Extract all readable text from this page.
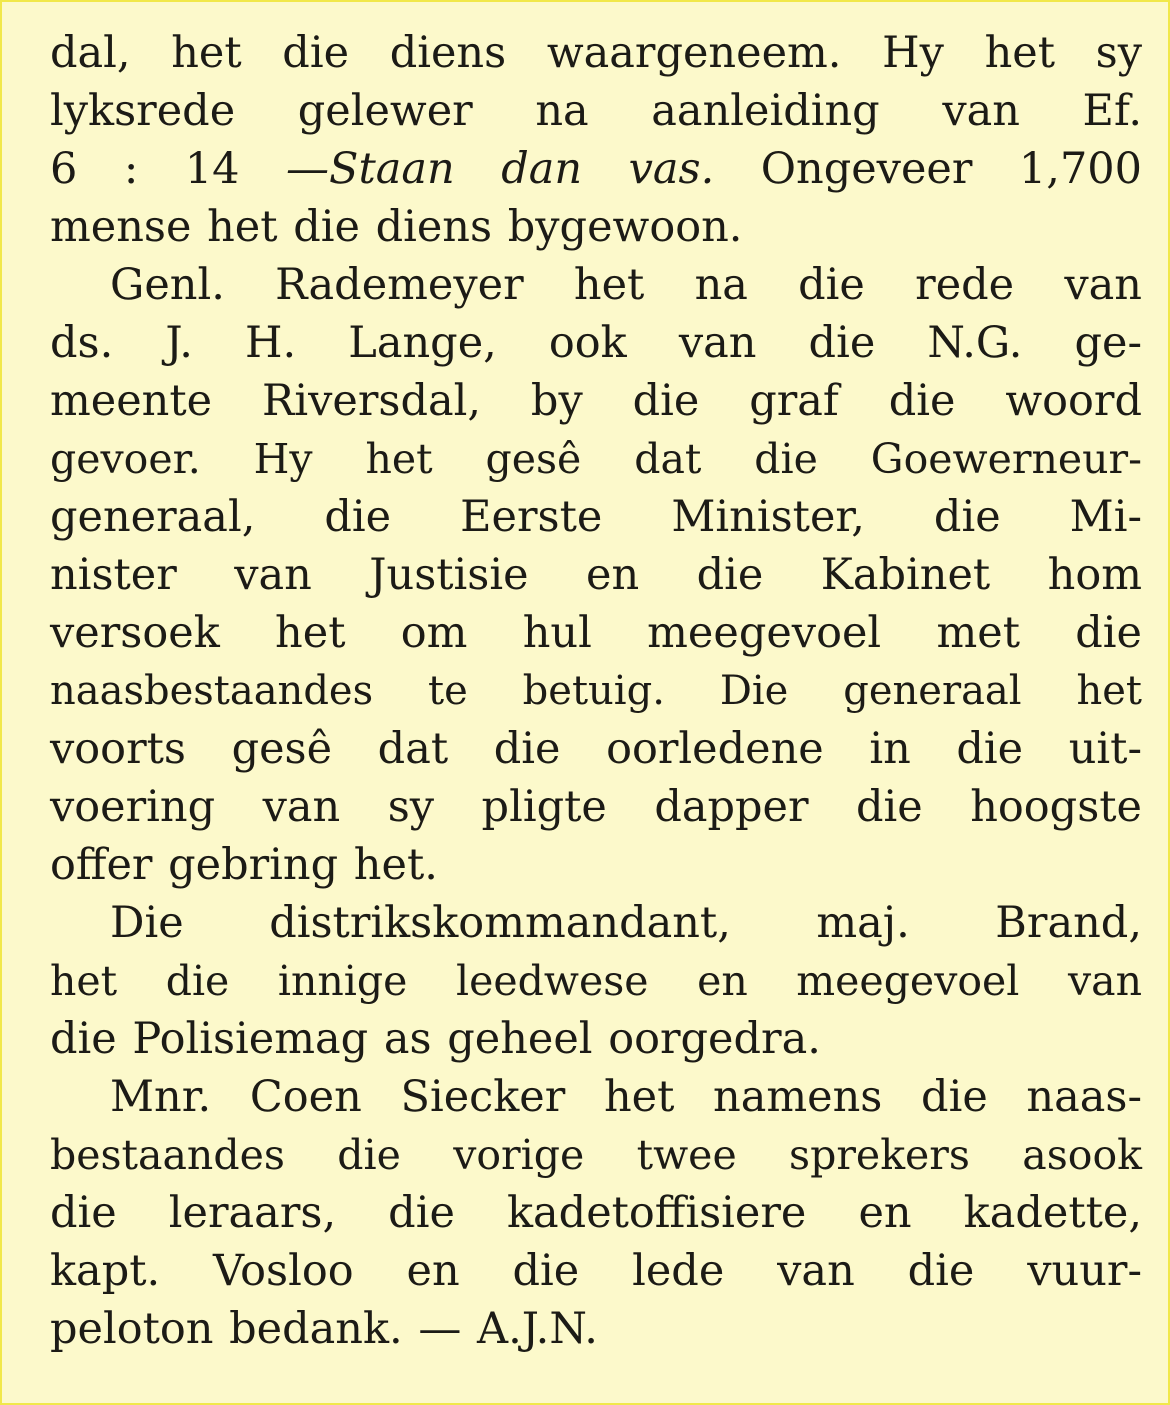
dal, het die diens waargeneem. Hy het sy
lyksrede gelewer na aanleiding van Ef.
6 : 14 —Staan dan vas. Ongeveer 1,700
mense het die diens bygewoon.
Genl. Rademeyer het na die rede van
ds. J. H. Lange, ook van die N.G. ge-
meente Riversdal, by die graf die woord
gevoer. Hy het gesê dat die Goewerneur-
generaal, die Eerste Minister, die Mi-
nister van Justisie en die Kabinet hom
versoek het om hul meegevoel met die
naasbestaandes te betuig. Die generaal het
voorts gesê dat die oorledene in die uit-
voering van sy pligte dapper die hoogste
offer gebring het.
Die distrikskommandant, maj. Brand,
het die innige leedwese en meegevoel van
die Polisiemag as geheel oorgedra.
Mnr. Coen Siecker het namens die naas-
bestaandes die vorige twee sprekers asook
die leraars, die kadetoffisiere en kadette,
kapt. Vosloo en die lede van die vuur-
peloton bedank. — A.J.N.
